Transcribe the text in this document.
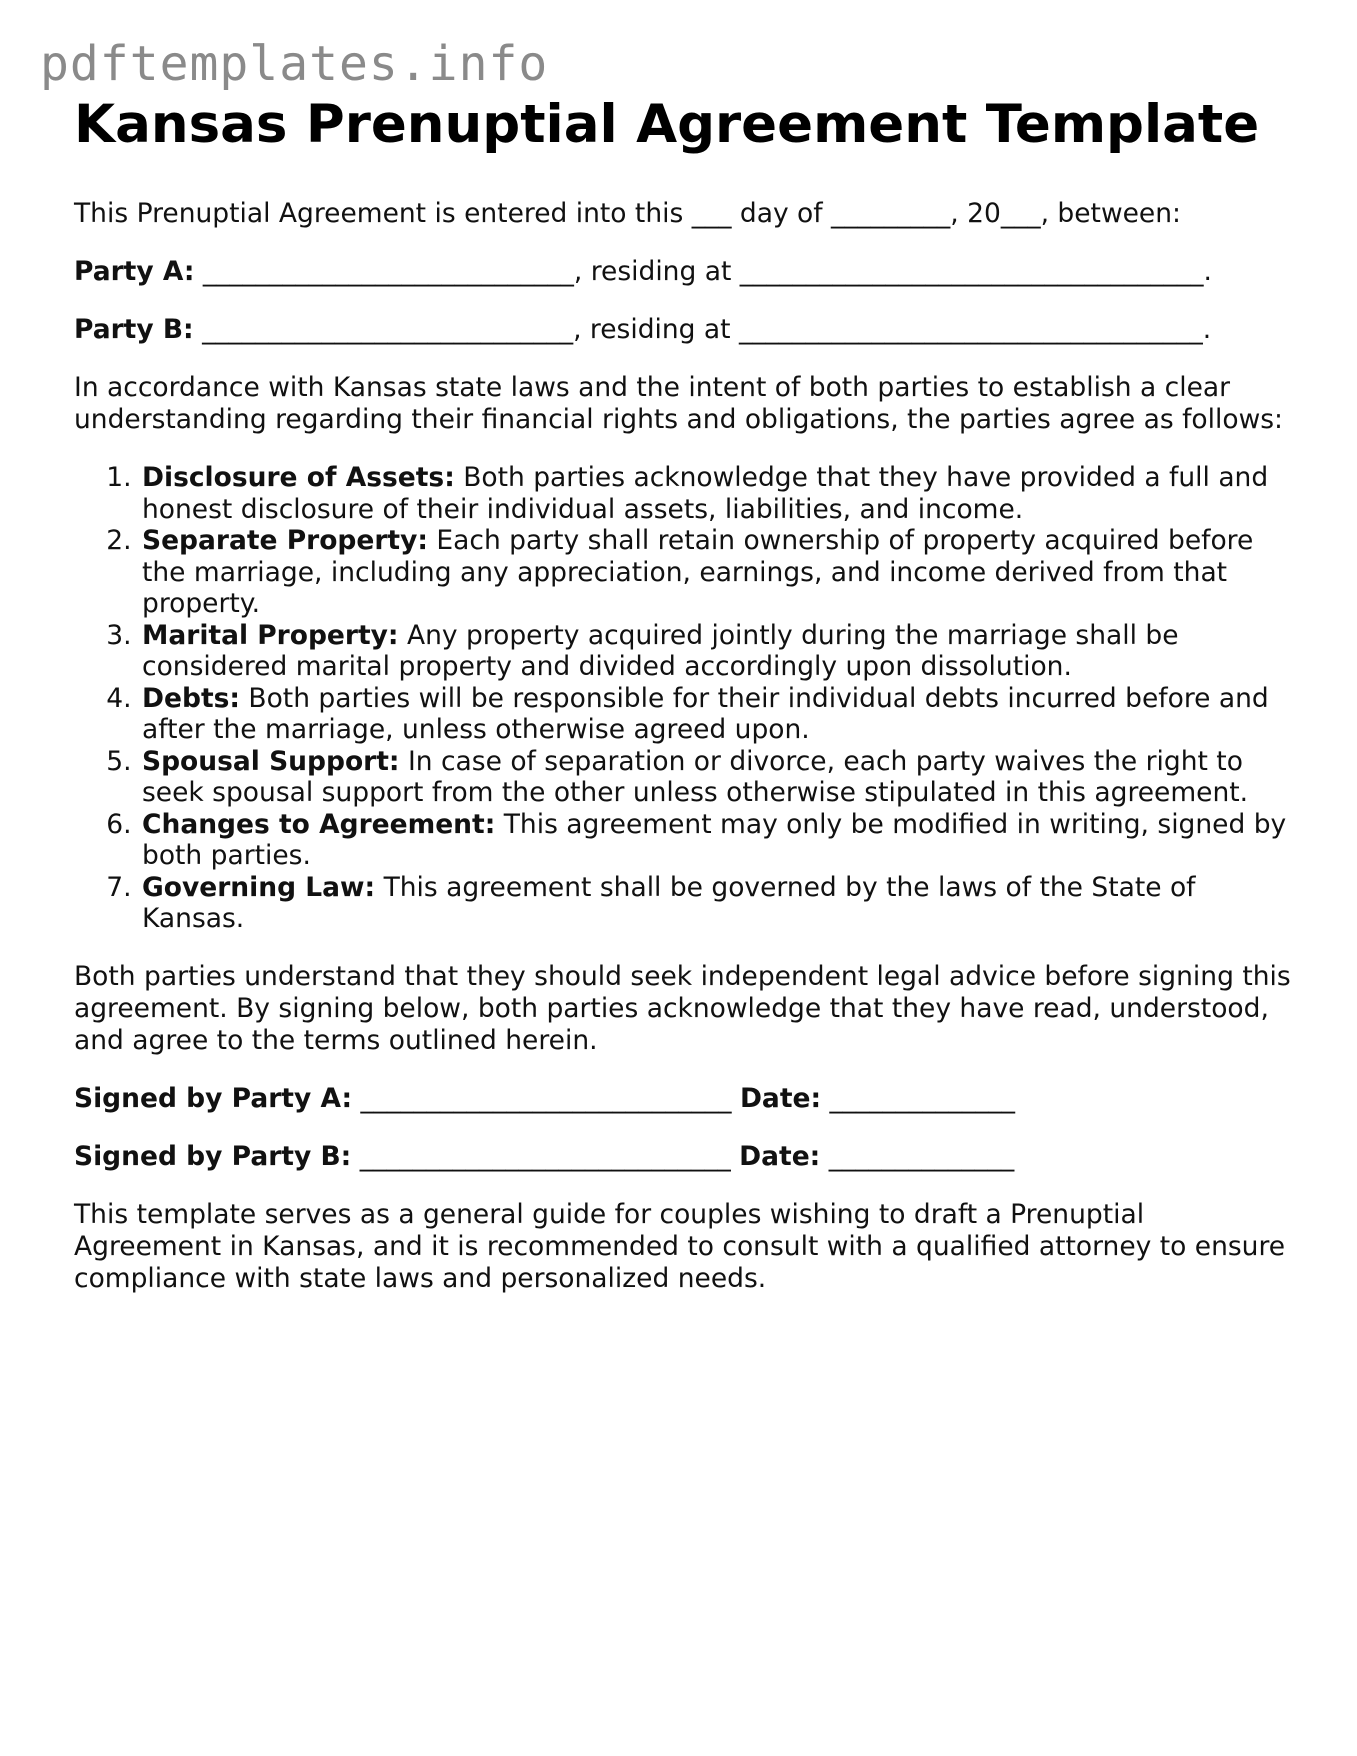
pdftemplates.info
Kansas Prenuptial Agreement Template

This Prenuptial Agreement is entered into this ___ day of _________, 20___, between:

Party A: ____________________________, residing at ___________________________________.

Party B: ____________________________, residing at ___________________________________.

In accordance with Kansas state laws and the intent of both parties to establish a clear understanding regarding their financial rights and obligations, the parties agree as follows:

1. Disclosure of Assets: Both parties acknowledge that they have provided a full and honest disclosure of their individual assets, liabilities, and income.
2. Separate Property: Each party shall retain ownership of property acquired before the marriage, including any appreciation, earnings, and income derived from that property.
3. Marital Property: Any property acquired jointly during the marriage shall be considered marital property and divided accordingly upon dissolution.
4. Debts: Both parties will be responsible for their individual debts incurred before and after the marriage, unless otherwise agreed upon.
5. Spousal Support: In case of separation or divorce, each party waives the right to seek spousal support from the other unless otherwise stipulated in this agreement.
6. Changes to Agreement: This agreement may only be modified in writing, signed by both parties.
7. Governing Law: This agreement shall be governed by the laws of the State of Kansas.

Both parties understand that they should seek independent legal advice before signing this agreement. By signing below, both parties acknowledge that they have read, understood, and agree to the terms outlined herein.

Signed by Party A: ____________________________ Date: ______________

Signed by Party B: ____________________________ Date: ______________

This template serves as a general guide for couples wishing to draft a Prenuptial Agreement in Kansas, and it is recommended to consult with a qualified attorney to ensure compliance with state laws and personalized needs.
